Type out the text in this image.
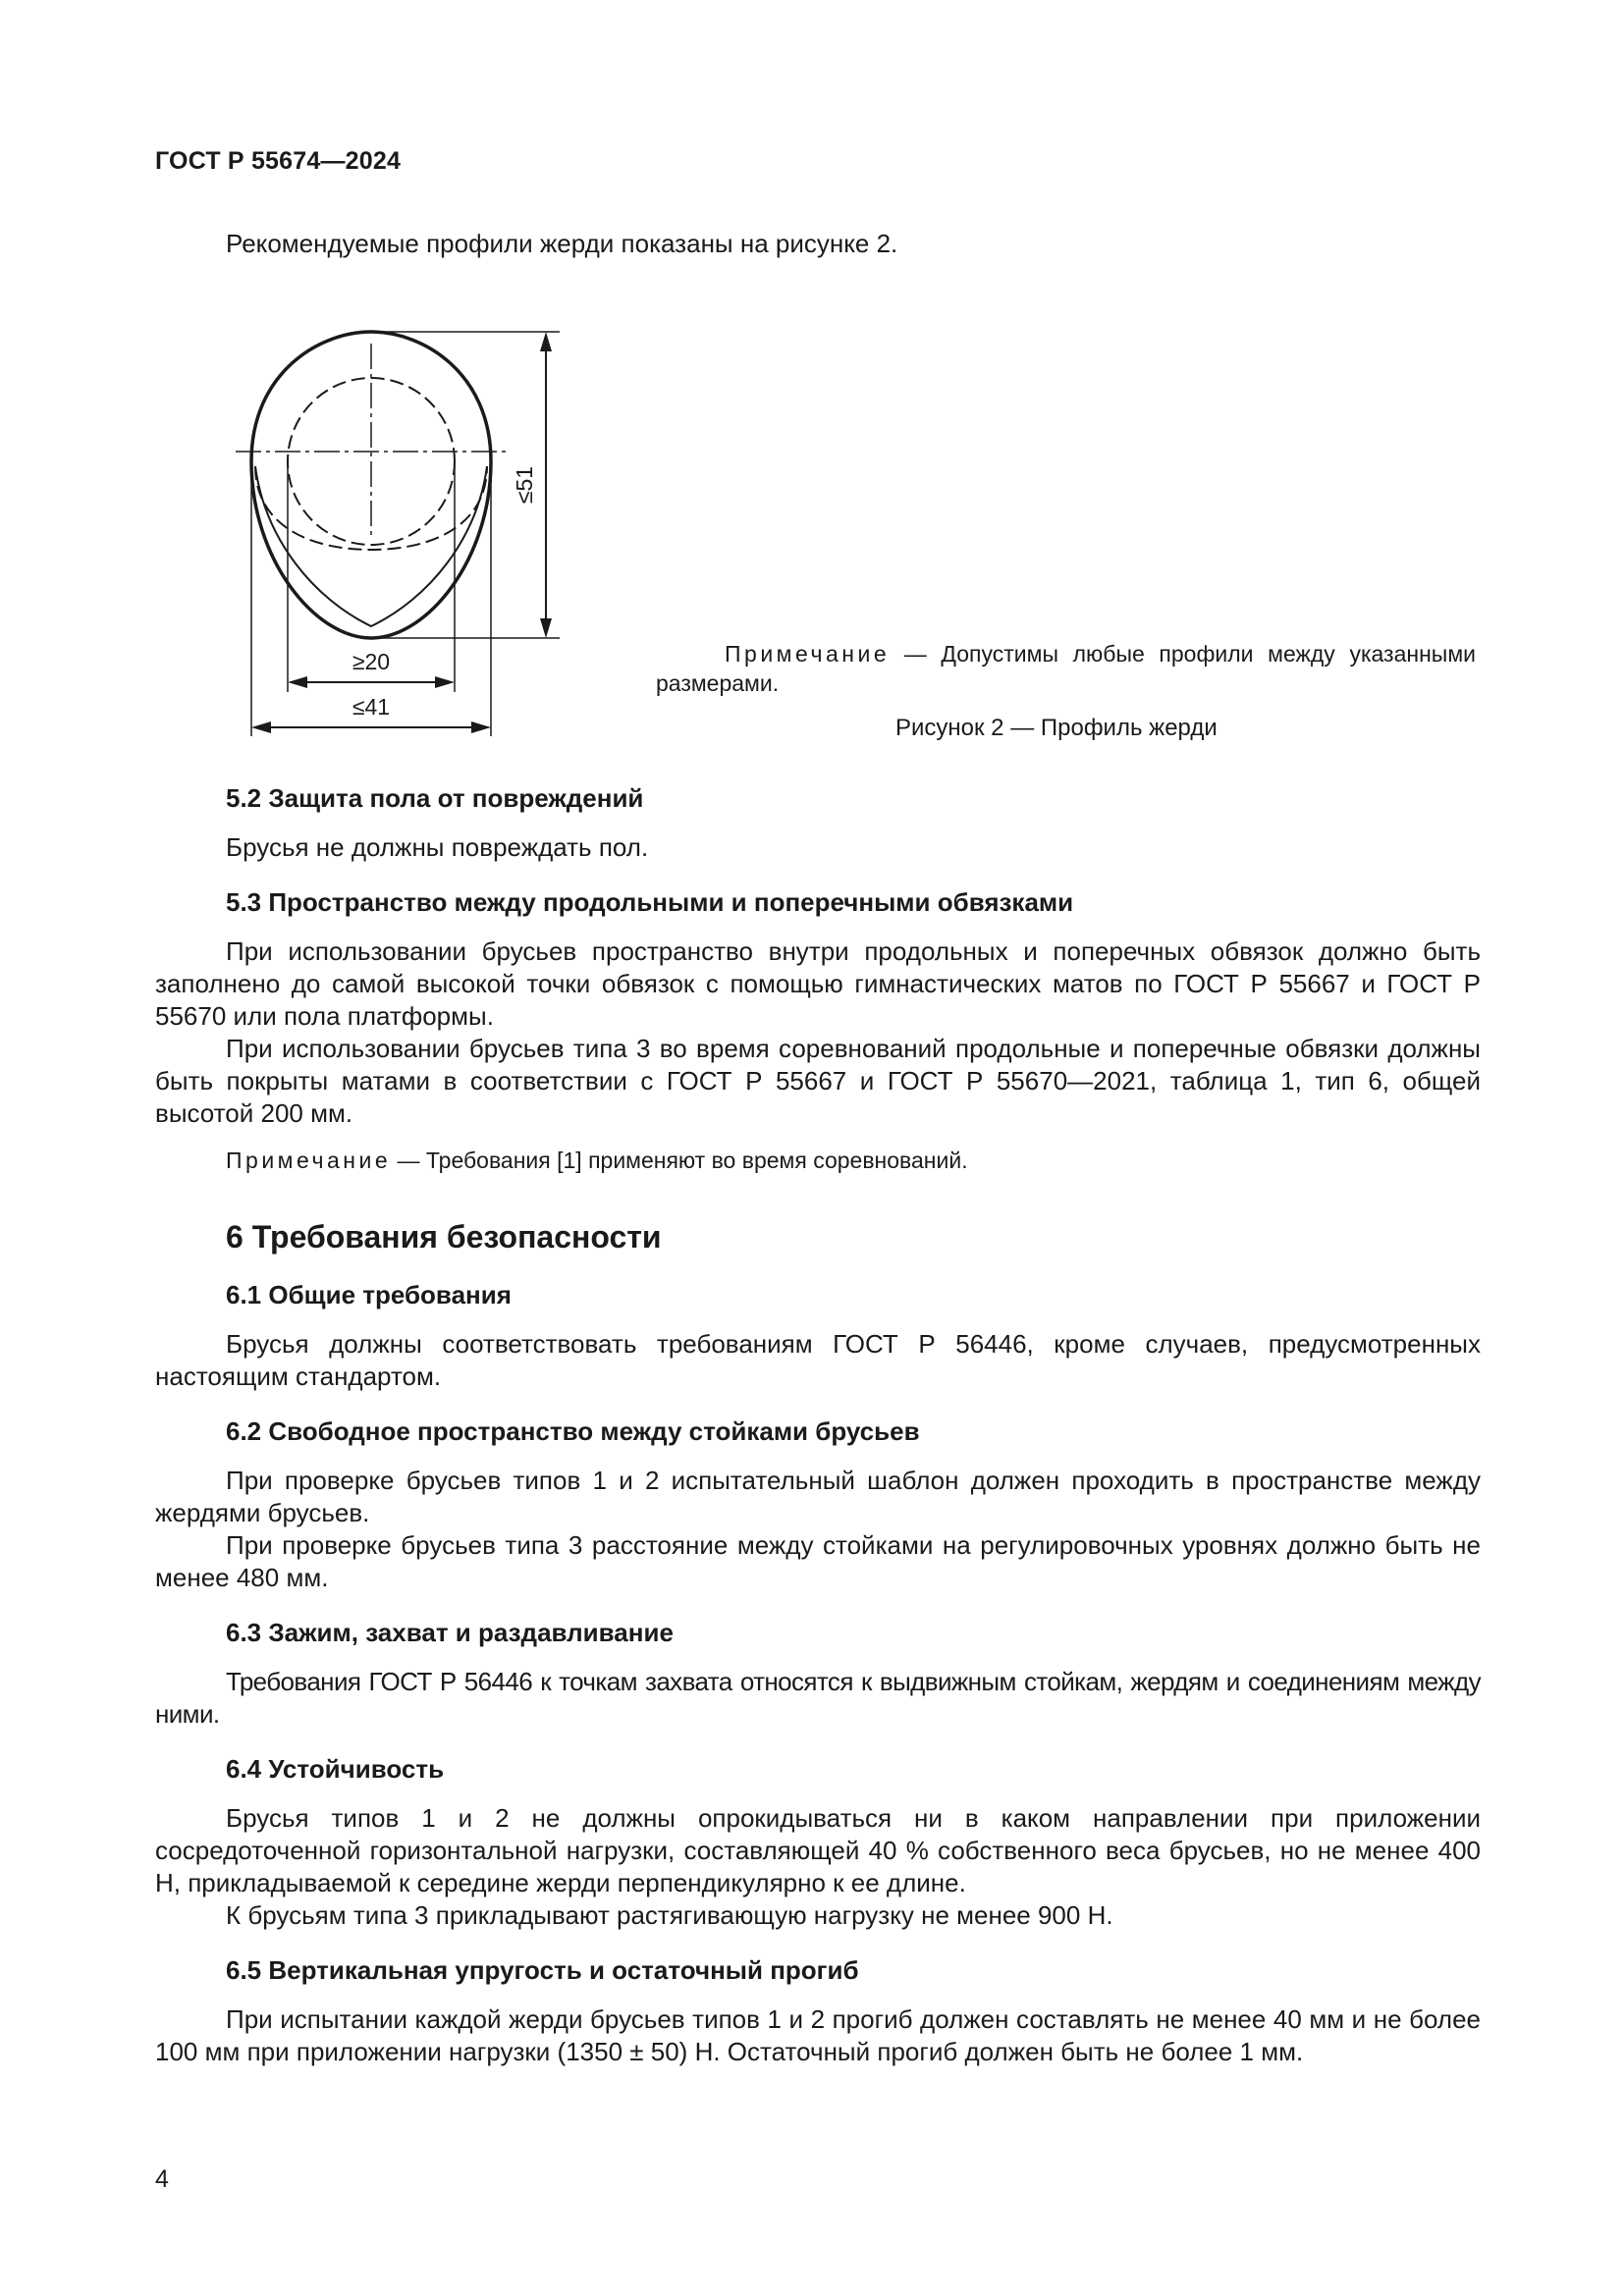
ГОСТ Р 55674—2024
Рекомендуемые профили жерди показаны на рисунке 2.
≤51
≥20
≤41
Примечание — Допустимы любые профили между указанными размерами.
Рисунок 2 — Профиль жерди
5.2 Защита пола от повреждений
Брусья не должны повреждать пол.
5.3 Пространство между продольными и поперечными обвязками
При использовании брусьев пространство внутри продольных и поперечных обвязок должно быть заполнено до самой высокой точки обвязок с помощью гимнастических матов по ГОСТ Р 55667 и ГОСТ Р 55670 или пола платформы.
При использовании брусьев типа 3 во время соревнований продольные и поперечные обвязки должны быть покрыты матами в соответствии с ГОСТ Р 55667 и ГОСТ Р 55670—2021, таблица 1, тип 6, общей высотой 200 мм.
Примечание — Требования [1] применяют во время соревнований.
6 Требования безопасности
6.1 Общие требования
Брусья должны соответствовать требованиям ГОСТ Р 56446, кроме случаев, предусмотренных настоящим стандартом.
6.2 Свободное пространство между стойками брусьев
При проверке брусьев типов 1 и 2 испытательный шаблон должен проходить в пространстве между жердями брусьев.
При проверке брусьев типа 3 расстояние между стойками на регулировочных уровнях должно быть не менее 480 мм.
6.3 Зажим, захват и раздавливание
Требования ГОСТ Р 56446 к точкам захвата относятся к выдвижным стойкам, жердям и соединениям между ними.
6.4 Устойчивость
Брусья типов 1 и 2 не должны опрокидываться ни в каком направлении при приложении сосредоточенной горизонтальной нагрузки, составляющей 40 % собственного веса брусьев, но не менее 400 Н, прикладываемой к середине жерди перпендикулярно к ее длине.
К брусьям типа 3 прикладывают растягивающую нагрузку не менее 900 Н.
6.5 Вертикальная упругость и остаточный прогиб
При испытании каждой жерди брусьев типов 1 и 2 прогиб должен составлять не менее 40 мм и не более 100 мм при приложении нагрузки (1350 ± 50) Н. Остаточный прогиб должен быть не более 1 мм.
4
